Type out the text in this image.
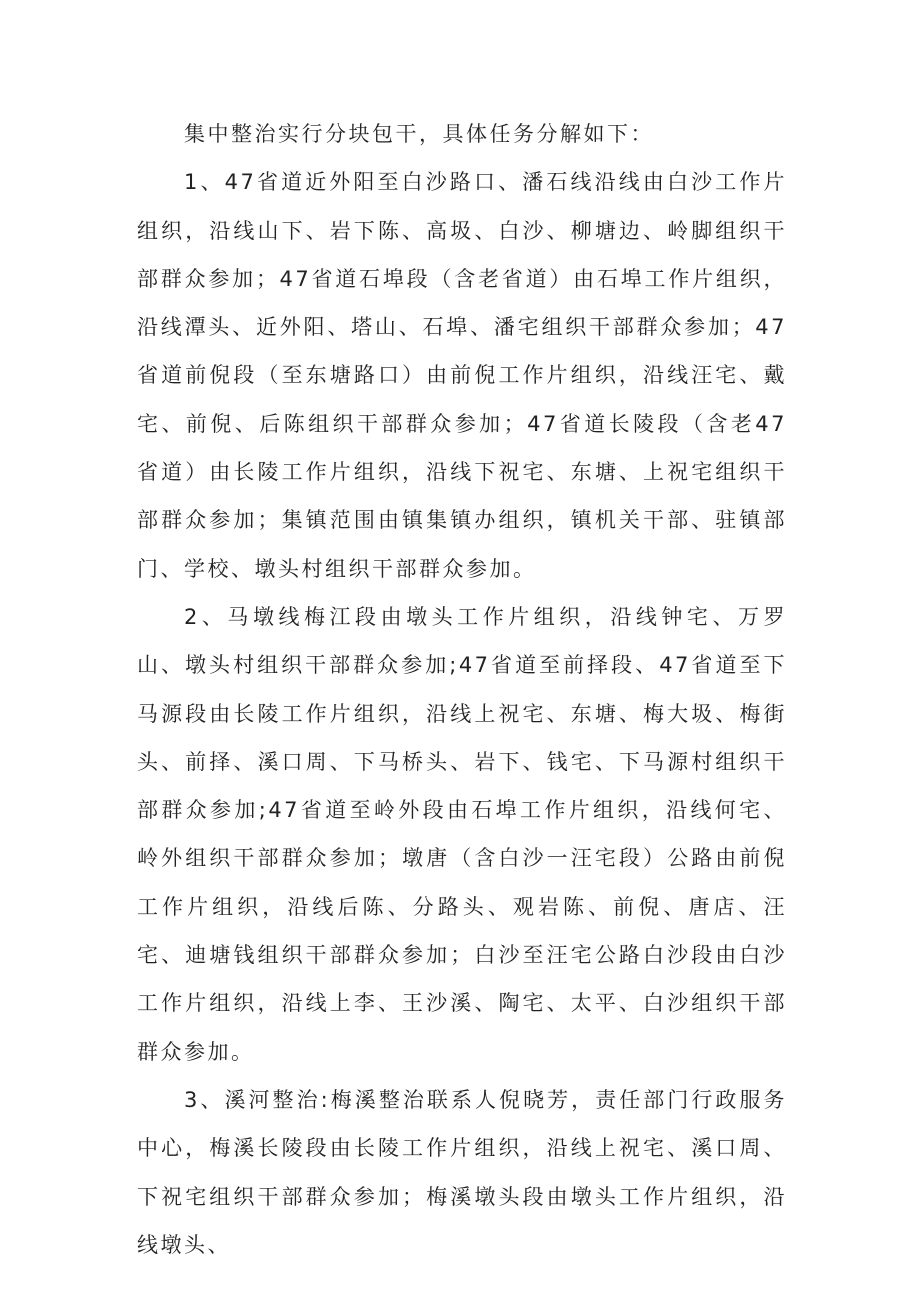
集中整治实行分块包干，具体任务分解如下：

1、47省道近外阳至白沙路口、潘石线沿线由白沙工作片组织，沿线山下、岩下陈、高圾、白沙、柳塘边、岭脚组织干部群众参加；47省道石埠段（含老省道）由石埠工作片组织，沿线潭头、近外阳、塔山、石埠、潘宅组织干部群众参加；47省道前倪段（至东塘路口）由前倪工作片组织，沿线汪宅、戴宅、前倪、后陈组织干部群众参加；47省道长陵段（含老47省道）由长陵工作片组织，沿线下祝宅、东塘、上祝宅组织干部群众参加；集镇范围由镇集镇办组织，镇机关干部、驻镇部门、学校、墩头村组织干部群众参加。

2、马墩线梅江段由墩头工作片组织，沿线钟宅、万罗山、墩头村组织干部群众参加;47省道至前择段、47省道至下马源段由长陵工作片组织，沿线上祝宅、东塘、梅大圾、梅街头、前择、溪口周、下马桥头、岩下、钱宅、下马源村组织干部群众参加;47省道至岭外段由石埠工作片组织，沿线何宅、岭外组织干部群众参加；墩唐（含白沙一汪宅段）公路由前倪工作片组织，沿线后陈、分路头、观岩陈、前倪、唐店、汪宅、迪塘钱组织干部群众参加；白沙至汪宅公路白沙段由白沙工作片组织，沿线上李、王沙溪、陶宅、太平、白沙组织干部群众参加。

3、溪河整治:梅溪整治联系人倪晓芳，责任部门行政服务中心，梅溪长陵段由长陵工作片组织，沿线上祝宅、溪口周、下祝宅组织干部群众参加；梅溪墩头段由墩头工作片组织，沿线墩头、
